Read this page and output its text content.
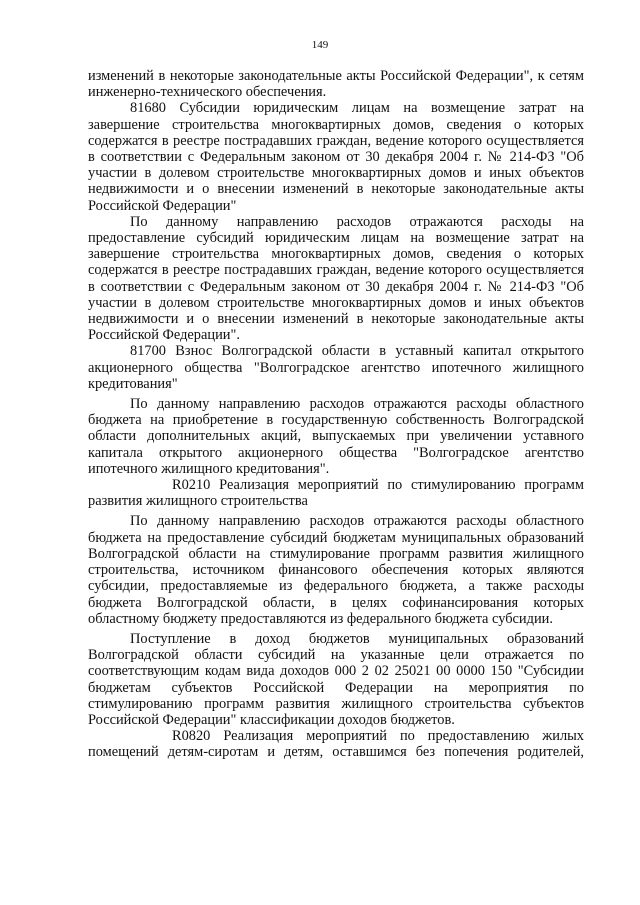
149

изменений в некоторые законодательные акты Российской Федерации", к сетям инженерно-технического обеспечения.

81680 Субсидии юридическим лицам на возмещение затрат на завершение строительства многоквартирных домов, сведения о которых содержатся в реестре пострадавших граждан, ведение которого осуществляется в соответствии с Федеральным законом от 30 декабря 2004 г. № 214-ФЗ "Об участии в долевом строительстве многоквартирных домов и иных объектов недвижимости и о внесении изменений в некоторые законодательные акты Российской Федерации"

По данному направлению расходов отражаются расходы на предоставление субсидий юридическим лицам на возмещение затрат на завершение строительства многоквартирных домов, сведения о которых содержатся в реестре пострадавших граждан, ведение которого осуществляется в соответствии с Федеральным законом от 30 декабря 2004 г. № 214-ФЗ "Об участии в долевом строительстве многоквартирных домов и иных объектов недвижимости и о внесении изменений в некоторые законодательные акты Российской Федерации".

81700 Взнос Волгоградской области в уставный капитал открытого акционерного общества "Волгоградское агентство ипотечного жилищного кредитования"

По данному направлению расходов отражаются расходы областного бюджета на приобретение в государственную собственность Волгоградской области дополнительных акций, выпускаемых при увеличении уставного капитала открытого акционерного общества "Волгоградское агентство ипотечного жилищного кредитования".

R0210 Реализация мероприятий по стимулированию программ развития жилищного строительства

По данному направлению расходов отражаются расходы областного бюджета на предоставление субсидий бюджетам муниципальных образований Волгоградской области на стимулирование программ развития жилищного строительства, источником финансового обеспечения которых являются субсидии, предоставляемые из федерального бюджета, а также расходы бюджета Волгоградской области, в целях софинансирования которых областному бюджету предоставляются из федерального бюджета субсидии.

Поступление в доход бюджетов муниципальных образований Волгоградской области субсидий на указанные цели отражается по соответствующим кодам вида доходов 000 2 02 25021 00 0000 150 "Субсидии бюджетам субъектов Российской Федерации на мероприятия по стимулированию программ развития жилищного строительства субъектов Российской Федерации" классификации доходов бюджетов.

R0820 Реализация мероприятий по предоставлению жилых помещений детям-сиротам и детям, оставшимся без попечения родителей,
